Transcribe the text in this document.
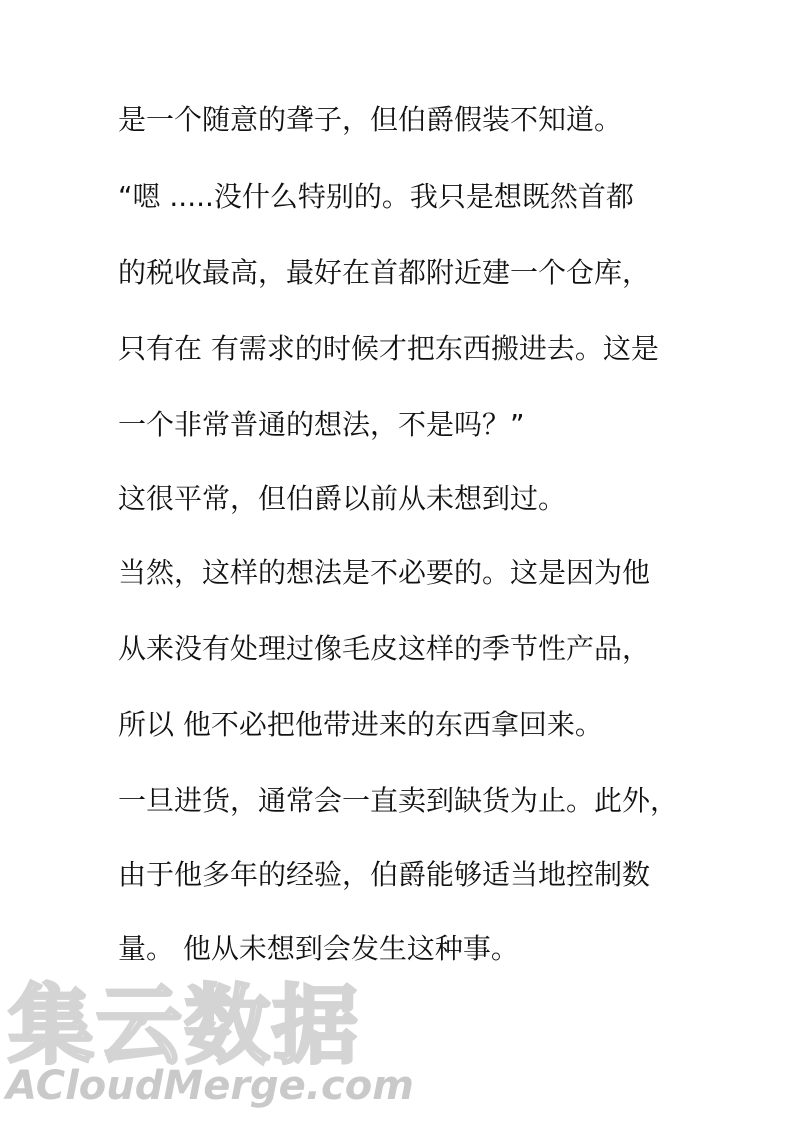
是一个随意的聋子，但伯爵假装不知道。
“嗯 .....没什么特别的。我只是想既然首都
的税收最高，最好在首都附近建一个仓库，
只有在 有需求的时候才把东西搬进去。这是
一个非常普通的想法，不是吗？”
这很平常，但伯爵以前从未想到过。
当然，这样的想法是不必要的。这是因为他
从来没有处理过像毛皮这样的季节性产品，
所以 他不必把他带进来的东西拿回来。
一旦进货，通常会一直卖到缺货为止。此外，
由于他多年的经验，伯爵能够适当地控制数
量。 他从未想到会发生这种事。
集云数据
ACloudMerge.com
